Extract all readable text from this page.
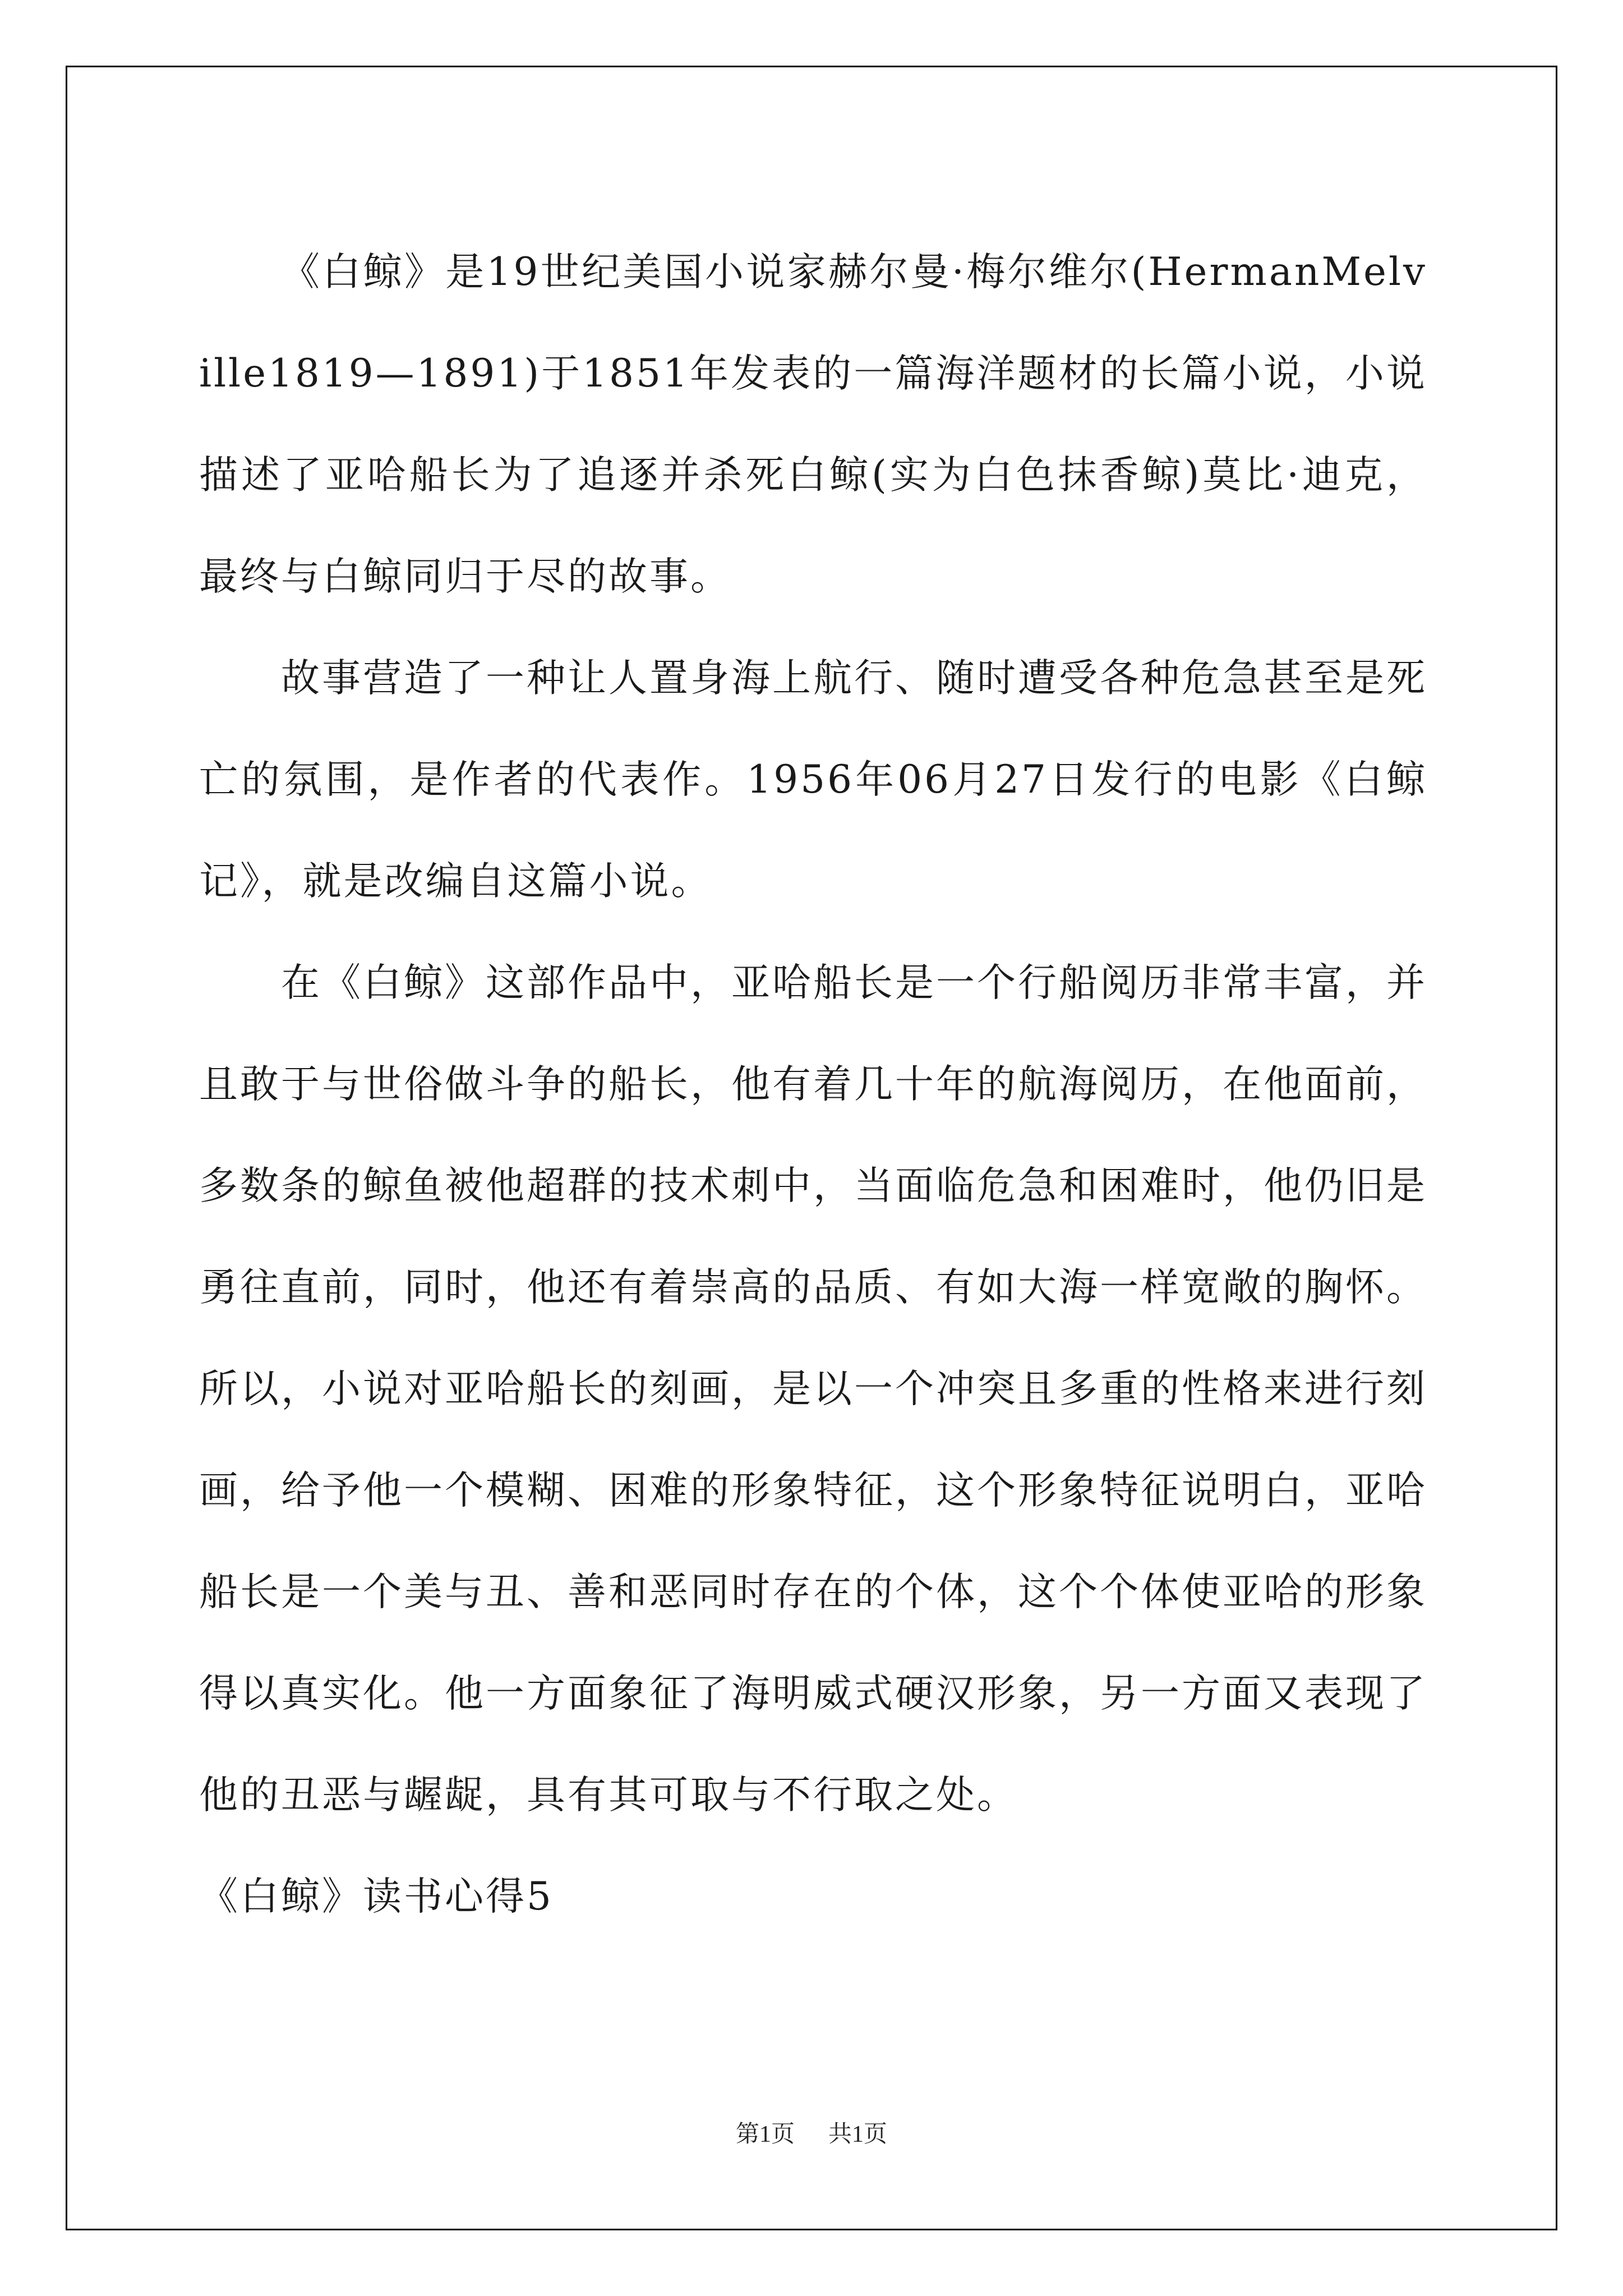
《白鲸》是19世纪美国小说家赫尔曼·梅尔维尔(HermanMelville1819—1891)于1851年发表的一篇海洋题材的长篇小说，小说描述了亚哈船长为了追逐并杀死白鲸(实为白色抹香鲸)莫比·迪克，最终与白鲸同归于尽的故事。

故事营造了一种让人置身海上航行、随时遭受各种危急甚至是死亡的氛围，是作者的代表作。1956年06月27日发行的电影《白鲸记》，就是改编自这篇小说。

在《白鲸》这部作品中，亚哈船长是一个行船阅历非常丰富，并且敢于与世俗做斗争的船长，他有着几十年的航海阅历，在他面前，多数条的鲸鱼被他超群的技术刺中，当面临危急和困难时，他仍旧是勇往直前，同时，他还有着崇高的品质、有如大海一样宽敞的胸怀。所以，小说对亚哈船长的刻画，是以一个冲突且多重的性格来进行刻画，给予他一个模糊、困难的形象特征，这个形象特征说明白，亚哈船长是一个美与丑、善和恶同时存在的个体，这个个体使亚哈的形象得以真实化。他一方面象征了海明威式硬汉形象，另一方面又表现了他的丑恶与龌龊，具有其可取与不行取之处。

《白鲸》读书心得5

第1页 共1页
